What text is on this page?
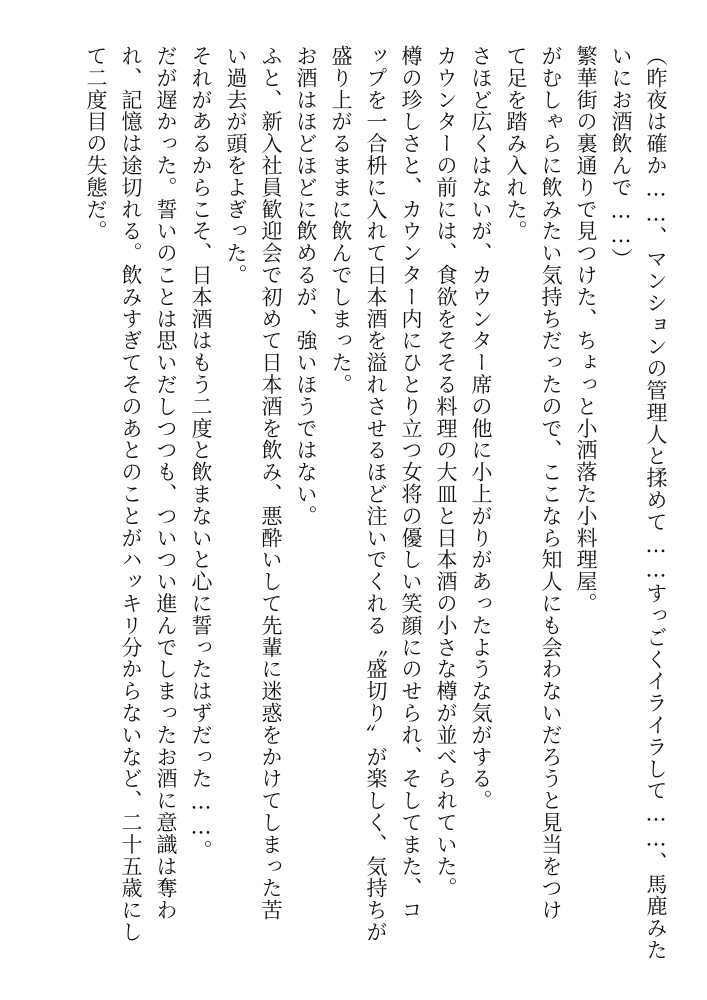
（昨夜は確か……、マンションの管理人と揉めて……すっごくイライラして……、馬鹿みた
いにお酒飲んで……）
繁華街の裏通りで見つけた、ちょっと小洒落た小料理屋。
がむしゃらに飲みたい気持ちだったので、ここなら知人にも会わないだろうと見当をつけ
て足を踏み入れた。
さほど広くはないが、カウンター席の他に小上がりがあったような気がする。
カウンターの前には、食欲をそそる料理の大皿と日本酒の小さな樽が並べられていた。
樽の珍しさと、カウンター内にひとり立つ女将の優しい笑顔にのせられ、そしてまた、コ
ップを一合枡に入れて日本酒を溢れさせるほど注いでくれる〝盛切り〟が楽しく、気持ちが
盛り上がるままに飲んでしまった。
お酒はほどほどに飲めるが、強いほうではない。
ふと、新入社員歓迎会で初めて日本酒を飲み、悪酔いして先輩に迷惑をかけてしまった苦
い過去が頭をよぎった。
それがあるからこそ、日本酒はもう二度と飲まないと心に誓ったはずだった……。
だが遅かった。誓いのことは思いだしつつも、ついつい進んでしまったお酒に意識は奪わ
れ、記憶は途切れる。飲みすぎてそのあとのことがハッキリ分からないなど、二十五歳にし
て二度目の失態だ。
